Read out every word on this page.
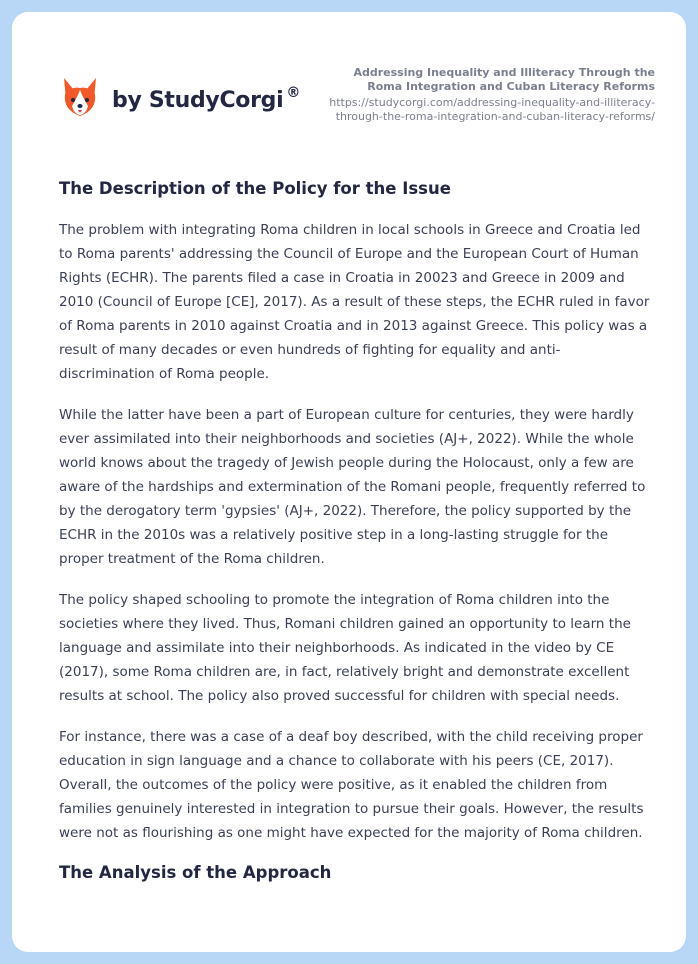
by StudyCorgi ®
Addressing Inequality and Illiteracy Through the Roma Integration and Cuban Literacy Reforms
https://studycorgi.com/addressing-inequality-and-illiteracy-through-the-roma-integration-and-cuban-literacy-reforms/
The Description of the Policy for the Issue

The problem with integrating Roma children in local schools in Greece and Croatia led to Roma parents' addressing the Council of Europe and the European Court of Human Rights (ECHR). The parents filed a case in Croatia in 20023 and Greece in 2009 and 2010 (Council of Europe [CE], 2017). As a result of these steps, the ECHR ruled in favor of Roma parents in 2010 against Croatia and in 2013 against Greece. This policy was a result of many decades or even hundreds of fighting for equality and anti-discrimination of Roma people.

While the latter have been a part of European culture for centuries, they were hardly ever assimilated into their neighborhoods and societies (AJ+, 2022). While the whole world knows about the tragedy of Jewish people during the Holocaust, only a few are aware of the hardships and extermination of the Romani people, frequently referred to by the derogatory term 'gypsies' (AJ+, 2022). Therefore, the policy supported by the ECHR in the 2010s was a relatively positive step in a long-lasting struggle for the proper treatment of the Roma children.

The policy shaped schooling to promote the integration of Roma children into the societies where they lived. Thus, Romani children gained an opportunity to learn the language and assimilate into their neighborhoods. As indicated in the video by CE (2017), some Roma children are, in fact, relatively bright and demonstrate excellent results at school. The policy also proved successful for children with special needs.

For instance, there was a case of a deaf boy described, with the child receiving proper education in sign language and a chance to collaborate with his peers (CE, 2017). Overall, the outcomes of the policy were positive, as it enabled the children from families genuinely interested in integration to pursue their goals. However, the results were not as flourishing as one might have expected for the majority of Roma children.

The Analysis of the Approach
